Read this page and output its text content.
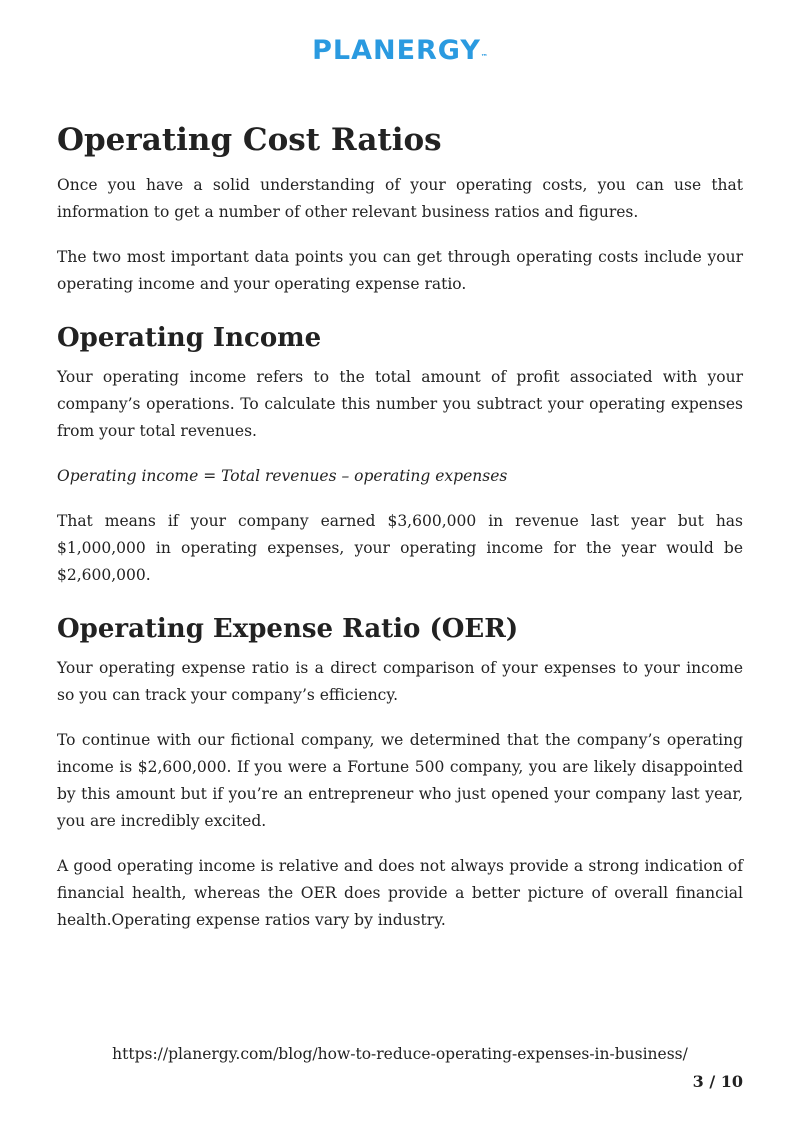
PLANERGY™
Operating Cost Ratios

Once you have a solid understanding of your operating costs, you can use that information to get a number of other relevant business ratios and figures.

The two most important data points you can get through operating costs include your operating income and your operating expense ratio.

Operating Income

Your operating income refers to the total amount of profit associated with your company’s operations. To calculate this number you subtract your operating expenses from your total revenues.

Operating income = Total revenues – operating expenses

That means if your company earned $3,600,000 in revenue last year but has $1,000,000 in operating expenses, your operating income for the year would be $2,600,000.

Operating Expense Ratio (OER)

Your operating expense ratio is a direct comparison of your expenses to your income so you can track your company’s efficiency.

To continue with our fictional company, we determined that the company’s operating income is $2,600,000. If you were a Fortune 500 company, you are likely disappointed by this amount but if you’re an entrepreneur who just opened your company last year, you are incredibly excited.

A good operating income is relative and does not always provide a strong indication of financial health, whereas the OER does provide a better picture of overall financial health.Operating expense ratios vary by industry.

https://planergy.com/blog/how-to-reduce-operating-expenses-in-business/
3 / 10
